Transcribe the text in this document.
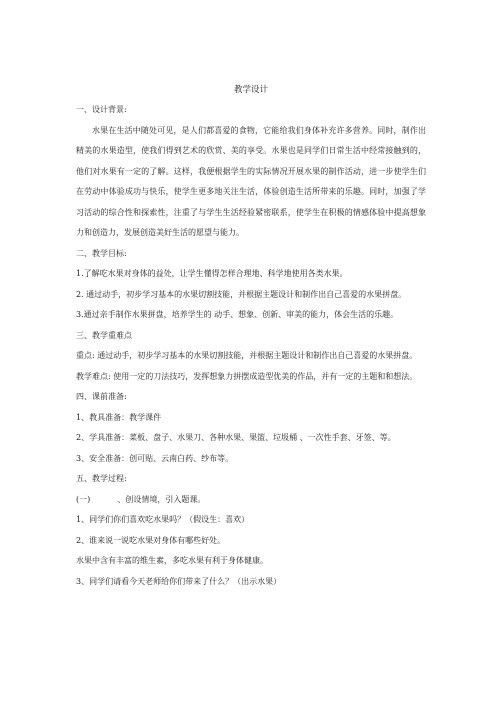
教学设计
一、设计背景:
水果在生活中随处可见，是人们都喜爱的食物，它能给我们身体补充许多营养。同时，制作出精美的水果造型，使我们得到艺术的欣赏、美的享受。水果也是同学们日常生活中经常接触到的，他们对水果有一定的了解。这样，我便根据学生的实际情况开展水果的制作活动，进一步使学生们在劳动中体验成功与快乐，使学生更多地关注生活，体验创造生活所带来的乐趣。同时，加强了学习活动的综合性和探索性，注重了与学生生活经验紧密联系，使学生在积极的情感体验中提高想象力和创造力，发展创造美好生活的愿望与能力。
二、教学目标:
1.了解吃水果对身体的益处，让学生懂得怎样合理地、科学地使用各类水果。
2. 通过动手，初步学习基本的水果切割技能，并根据主题设计和制作出自己喜爱的水果拼盘。
3.通过亲手制作水果拼盘，培养学生的 动手、想象、创新、审美的能力，体会生活的乐趣。
三、教学重难点
重点: 通过动手，初步学习基本的水果切割技能，并根据主题设计和制作出自己喜爱的水果拼盘。
教学难点: 使用一定的刀法技巧，发挥想象力拼摆成造型优美的作品，并有一定的主题和和想法。
四、课前准备:
1、教具准备：教学课件
2、学具准备：菜板、盘子、水果刀、各种水果、果篮、垃圾桶 、一次性手套、牙签、等。
3、安全准备：创可贴、云南白药、纱布等。
五、教学过程:
(一)	、创设情境，引入题课。
1、同学们你们喜欢吃水果吗？（假设生：喜欢）
2、谁来说一说吃水果对身体有哪些好处。
水果中含有丰富的维生素，多吃水果有利于身体健康。
3、同学们请看今天老师给你们带来了什么？（出示水果）
